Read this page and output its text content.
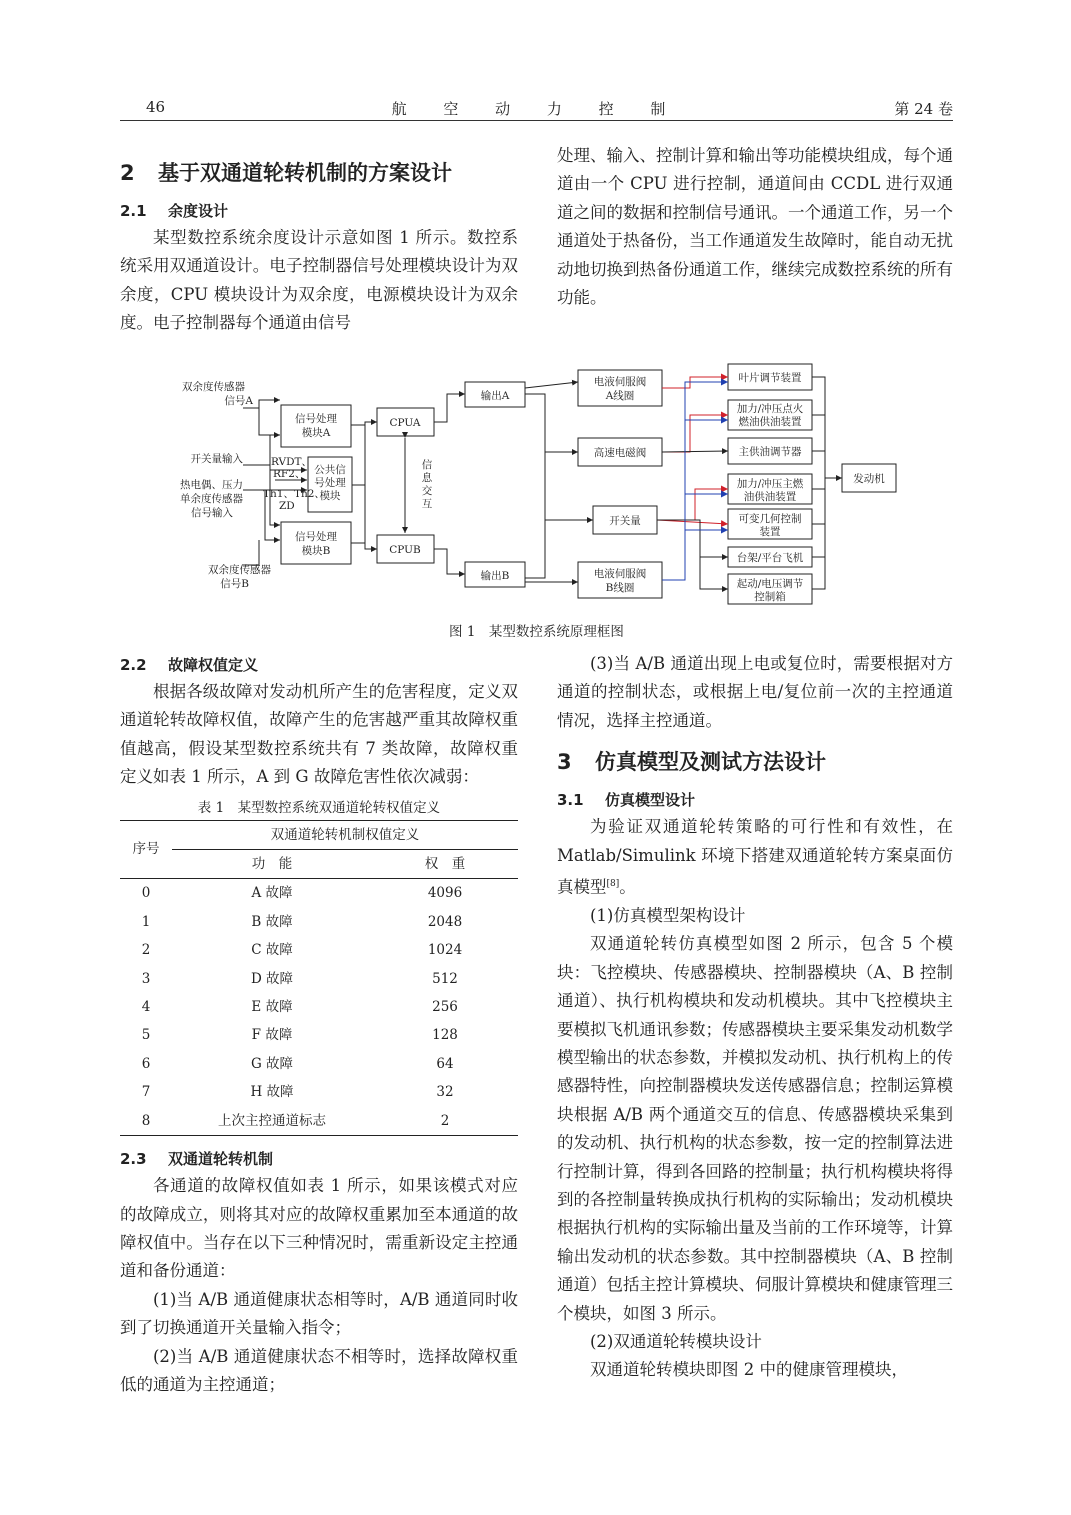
46	航 空 动 力 控 制	第 24 卷
2 基于双通道轮转机制的方案设计
2.1 余度设计

某型数控系统余度设计示意如图 1 所示。数控系统采用双通道设计。电子控制器信号处理模块设计为双余度，CPU 模块设计为双余度，电源模块设计为双余度。电子控制器每个通道由信号

处理、输入、控制计算和输出等功能模块组成，每个通道由一个 CPU 进行控制，通道间由 CCDL 进行双通道之间的数据和控制信号通讯。一个通道工作，另一个通道处于热备份，当工作通道发生故障时，能自动无扰动地切换到热备份通道工作，继续完成数控系统的所有功能。

双余度传感器
信号A
开关量输入
热电偶、压力
单余度传感器
信号输入
双余度传感器
信号B
信号处理
模块A
信号处理
模块B
RVDT、
RF2、
Th1、Th2、
ZD
公共信
号处理
模块
CPUA
CPUB
信
息
交
互
输出A
输出B
电液伺服阀
A线圈
高速电磁阀
开关量
电液伺服阀
B线圈
叶片调节装置
加力/冲压点火
燃油供油装置
主供油调节器
加力/冲压主燃
油供油装置
可变几何控制
装置
台架/平台飞机
起动/电压调节
控制箱
发动机
图 1　某型数控系统原理框图
2.2 故障权值定义

根据各级故障对发动机所产生的危害程度，定义双通道轮转故障权值，故障产生的危害越严重其故障权重值越高，假设某型数控系统共有 7 类故障，故障权重定义如表 1 所示，A 到 G 故障危害性依次减弱：

表 1　某型数控系统双通道轮转权值定义
序号	双通道轮转机制权值定义	
	功　能	权　重
0	A 故障	4096
1	B 故障	2048
2	C 故障	1024
3	D 故障	512
4	E 故障	256
5	F 故障	128
6	G 故障	64
7	H 故障	32
8	上次主控通道标志	2
2.3 双通道轮转机制

各通道的故障权值如表 1 所示，如果该模式对应的故障成立，则将其对应的故障权重累加至本通道的故障权值中。当存在以下三种情况时，需重新设定主控通道和备份通道：

(1)当 A/B 通道健康状态相等时，A/B 通道同时收到了切换通道开关量输入指令；

(2)当 A/B 通道健康状态不相等时，选择故障权重低的通道为主控通道；

(3)当 A/B 通道出现上电或复位时，需要根据对方通道的控制状态，或根据上电/复位前一次的主控通道情况，选择主控通道。

3 仿真模型及测试方法设计
3.1 仿真模型设计

为验证双通道轮转策略的可行性和有效性，在 Matlab/Simulink 环境下搭建双通道轮转方案桌面仿真模型[8]。

(1)仿真模型架构设计

双通道轮转仿真模型如图 2 所示，包含 5 个模块：飞控模块、传感器模块、控制器模块（A、B 控制通道）、执行机构模块和发动机模块。其中飞控模块主要模拟飞机通讯参数；传感器模块主要采集发动机数学模型输出的状态参数，并模拟发动机、执行机构上的传感器特性，向控制器模块发送传感器信息；控制运算模块根据 A/B 两个通道交互的信息、传感器模块采集到的发动机、执行机构的状态参数，按一定的控制算法进行控制计算，得到各回路的控制量；执行机构模块将得到的各控制量转换成执行机构的实际输出；发动机模块根据执行机构的实际输出量及当前的工作环境等，计算输出发动机的状态参数。其中控制器模块（A、B 控制通道）包括主控计算模块、伺服计算模块和健康管理三个模块，如图 3 所示。

(2)双通道轮转模块设计

双通道轮转模块即图 2 中的健康管理模块，
